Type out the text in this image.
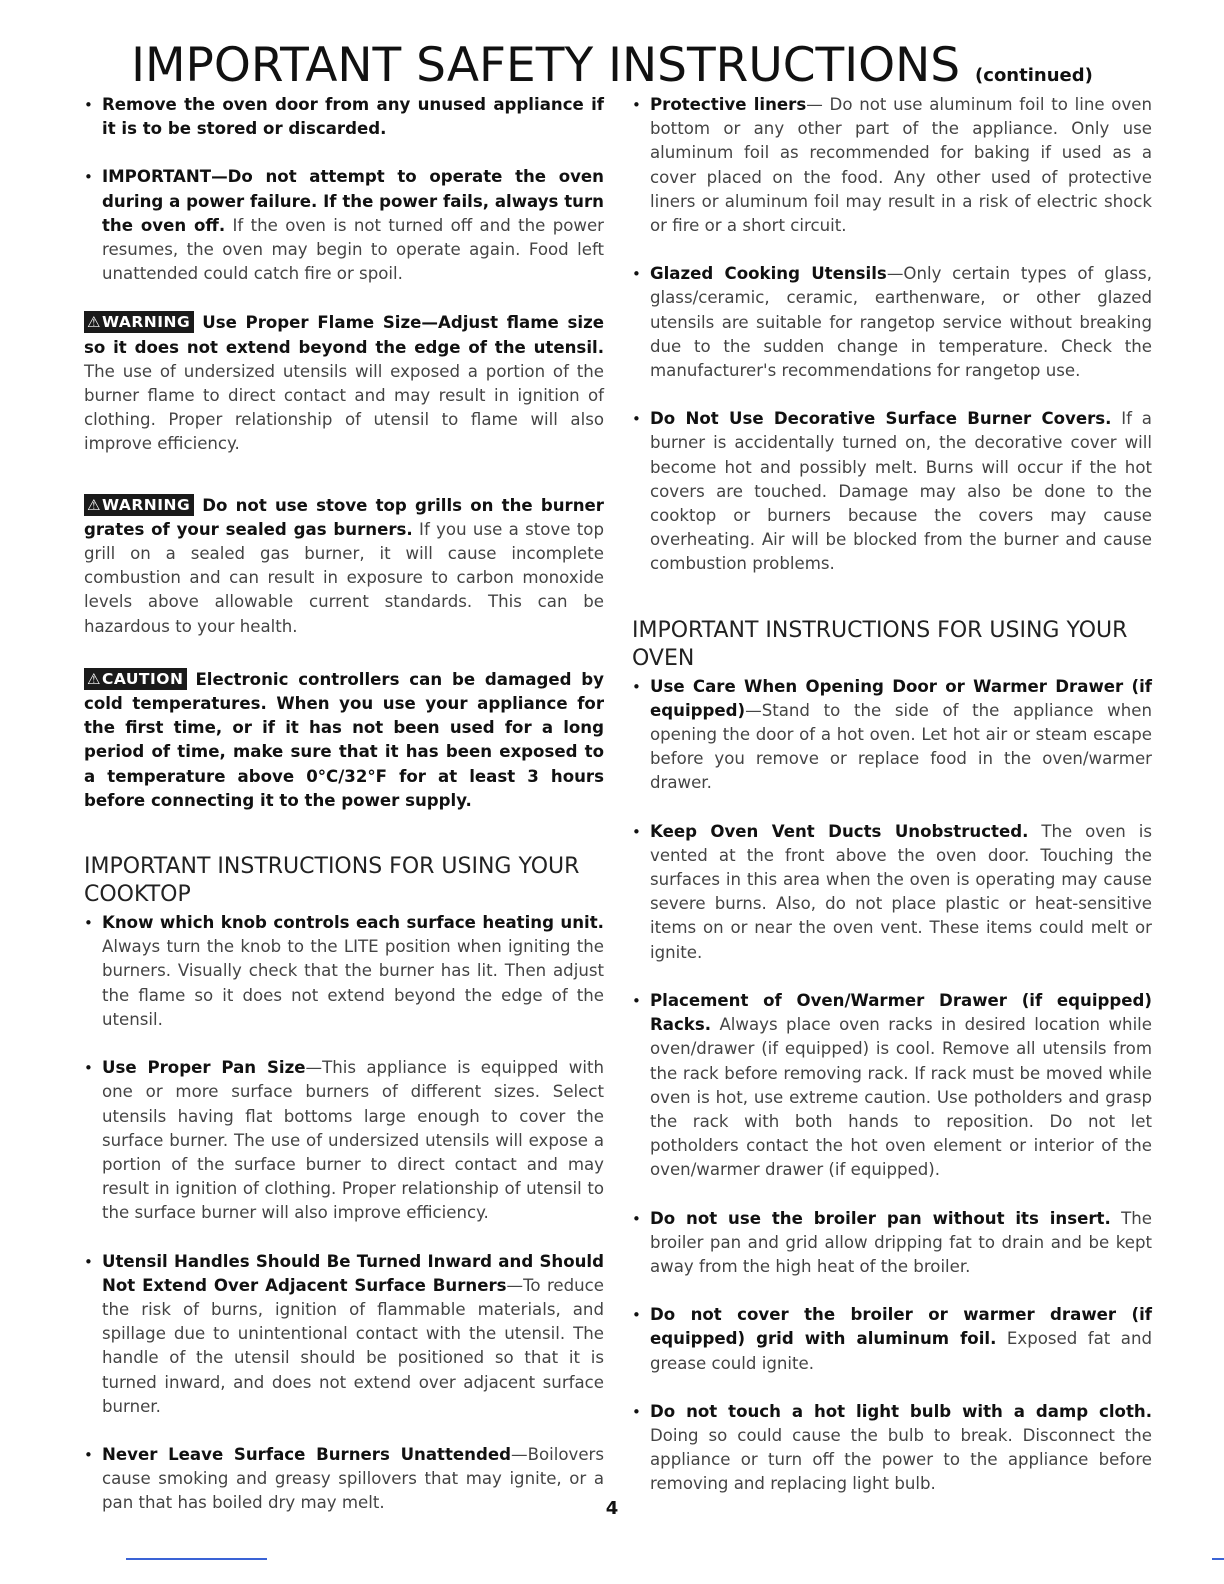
IMPORTANT SAFETY INSTRUCTIONS (continued)
• Remove the oven door from any unused appliance if it is to be stored or discarded.
• IMPORTANT—Do not attempt to operate the oven during a power failure. If the power fails, always turn the oven off. If the oven is not turned off and the power resumes, the oven may begin to operate again. Food left unattended could catch fire or spoil.
⚠WARNING Use Proper Flame Size—Adjust flame size so it does not extend beyond the edge of the utensil. The use of undersized utensils will exposed a portion of the burner flame to direct contact and may result in ignition of clothing. Proper relationship of utensil to flame will also improve efficiency.
⚠WARNING Do not use stove top grills on the burner grates of your sealed gas burners. If you use a stove top grill on a sealed gas burner, it will cause incomplete combustion and can result in exposure to carbon monoxide levels above allowable current standards. This can be hazardous to your health.
⚠CAUTION Electronic controllers can be damaged by cold temperatures. When you use your appliance for the first time, or if it has not been used for a long period of time, make sure that it has been exposed to a temperature above 0°C/32°F for at least 3 hours before connecting it to the power supply.
IMPORTANT INSTRUCTIONS FOR USING YOUR COOKTOP
• Know which knob controls each surface heating unit. Always turn the knob to the LITE position when igniting the burners. Visually check that the burner has lit. Then adjust the flame so it does not extend beyond the edge of the utensil.
• Use Proper Pan Size—This appliance is equipped with one or more surface burners of different sizes. Select utensils having flat bottoms large enough to cover the surface burner. The use of undersized utensils will expose a portion of the surface burner to direct contact and may result in ignition of clothing. Proper relationship of utensil to the surface burner will also improve efficiency.
• Utensil Handles Should Be Turned Inward and Should Not Extend Over Adjacent Surface Burners—To reduce the risk of burns, ignition of flammable materials, and spillage due to unintentional contact with the utensil. The handle of the utensil should be positioned so that it is turned inward, and does not extend over adjacent surface burner.
• Never Leave Surface Burners Unattended—Boilovers cause smoking and greasy spillovers that may ignite, or a pan that has boiled dry may melt.
• Protective liners— Do not use aluminum foil to line oven bottom or any other part of the appliance. Only use aluminum foil as recommended for baking if used as a cover placed on the food. Any other used of protective liners or aluminum foil may result in a risk of electric shock or fire or a short circuit.
• Glazed Cooking Utensils—Only certain types of glass, glass/ceramic, ceramic, earthenware, or other glazed utensils are suitable for rangetop service without breaking due to the sudden change in temperature. Check the manufacturer's recommendations for rangetop use.
• Do Not Use Decorative Surface Burner Covers. If a burner is accidentally turned on, the decorative cover will become hot and possibly melt. Burns will occur if the hot covers are touched. Damage may also be done to the cooktop or burners because the covers may cause overheating. Air will be blocked from the burner and cause combustion problems.
IMPORTANT INSTRUCTIONS FOR USING YOUR OVEN
• Use Care When Opening Door or Warmer Drawer (if equipped)—Stand to the side of the appliance when opening the door of a hot oven. Let hot air or steam escape before you remove or replace food in the oven/warmer drawer.
• Keep Oven Vent Ducts Unobstructed. The oven is vented at the front above the oven door. Touching the surfaces in this area when the oven is operating may cause severe burns. Also, do not place plastic or heat-sensitive items on or near the oven vent. These items could melt or ignite.
• Placement of Oven/Warmer Drawer (if equipped) Racks. Always place oven racks in desired location while oven/drawer (if equipped) is cool. Remove all utensils from the rack before removing rack. If rack must be moved while oven is hot, use extreme caution. Use potholders and grasp the rack with both hands to reposition. Do not let potholders contact the hot oven element or interior of the oven/warmer drawer (if equipped).
• Do not use the broiler pan without its insert. The broiler pan and grid allow dripping fat to drain and be kept away from the high heat of the broiler.
• Do not cover the broiler or warmer drawer (if equipped) grid with aluminum foil. Exposed fat and grease could ignite.
• Do not touch a hot light bulb with a damp cloth. Doing so could cause the bulb to break. Disconnect the appliance or turn off the power to the appliance before removing and replacing light bulb.
4
